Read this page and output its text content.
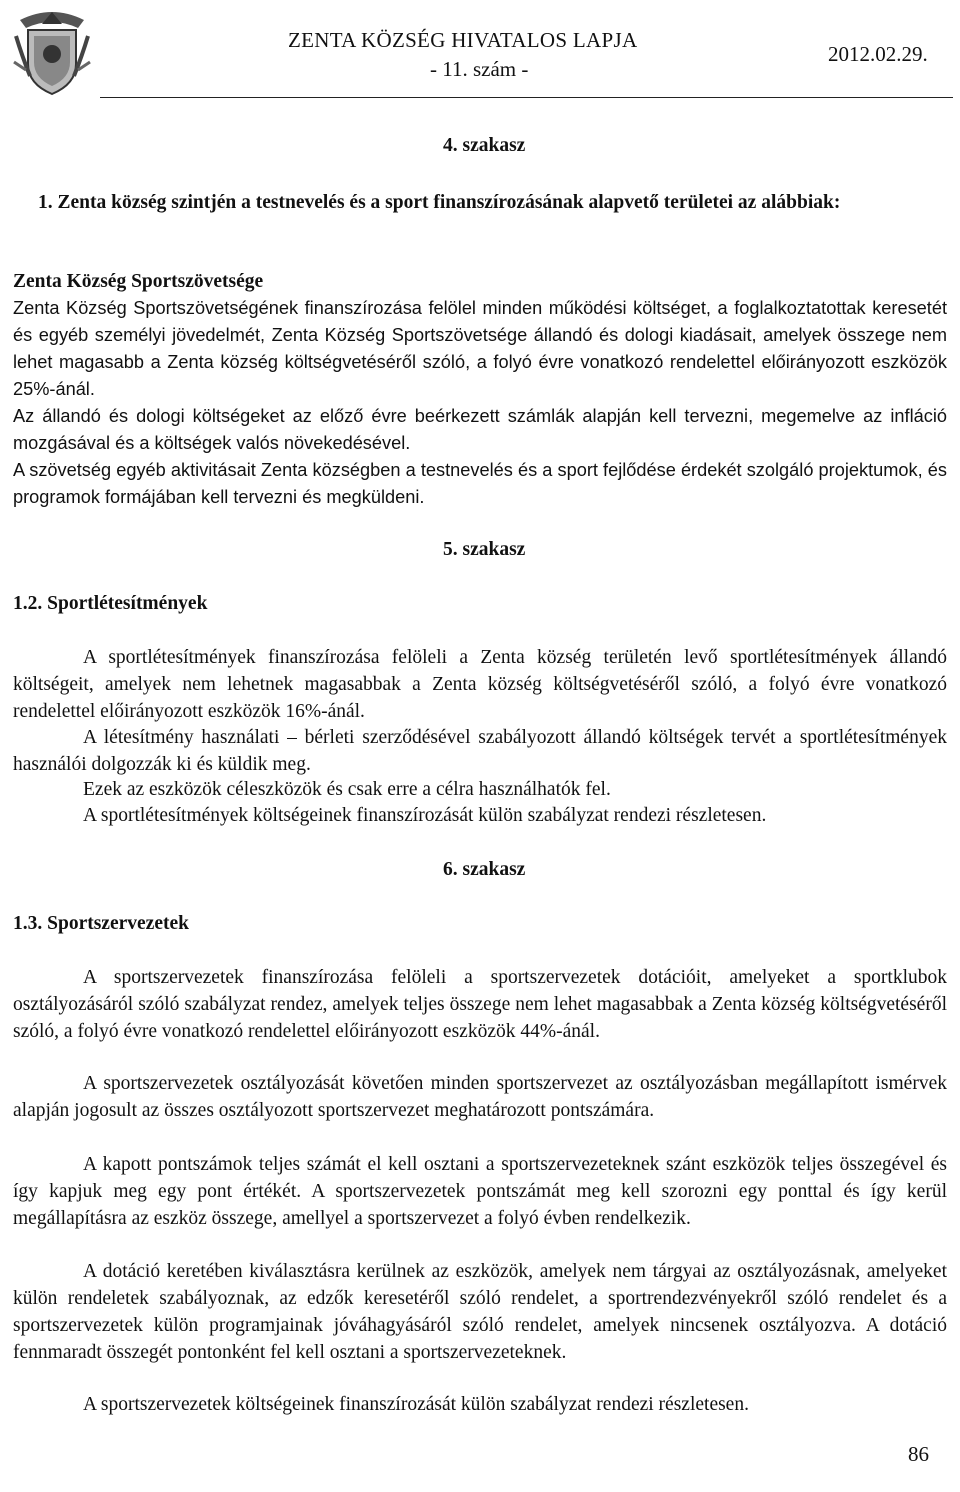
ZENTA KÖZSÉG HIVATALOS LAPJA
- 11. szám -
2012.02.29.
4. szakasz
1. Zenta község szintjén a testnevelés és a sport finanszírozásának alapvető területei az alábbiak:
Zenta Község Sportszövetsége
Zenta Község Sportszövetségének finanszírozása felölel minden működési költséget, a foglalkoztatottak keresetét és egyéb személyi jövedelmét, Zenta Község Sportszövetsége állandó és dologi kiadásait, amelyek összege nem lehet magasabb a Zenta község költségvetéséről szóló, a folyó évre vonatkozó rendelettel előirányozott eszközök 25%-ánál.
Az állandó és dologi költségeket az előző évre beérkezett számlák alapján kell tervezni, megemelve az infláció mozgásával és a költségek valós növekedésével.
A szövetség egyéb aktivitásait Zenta községben a testnevelés és a sport fejlődése érdekét szolgáló projektumok, és programok formájában kell tervezni és megküldeni.
5. szakasz
1.2. Sportlétesítmények
A sportlétesítmények finanszírozása felöleli a Zenta község területén levő sportlétesítmények állandó költségeit, amelyek nem lehetnek magasabbak a Zenta község költségvetéséről szóló, a folyó évre vonatkozó rendelettel előirányozott eszközök 16%-ánál.
A létesítmény használati – bérleti szerződésével szabályozott állandó költségek tervét a sportlétesítmények használói dolgozzák ki és küldik meg.
Ezek az eszközök céleszközök és csak erre a célra használhatók fel.
A sportlétesítmények költségeinek finanszírozását külön szabályzat rendezi részletesen.
6. szakasz
1.3. Sportszervezetek
A sportszervezetek finanszírozása felöleli a sportszervezetek dotációit, amelyeket a sportklubok osztályozásáról szóló szabályzat rendez, amelyek teljes összege nem lehet magasabbak a Zenta község költségvetéséről szóló, a folyó évre vonatkozó rendelettel előirányozott eszközök 44%-ánál.
A sportszervezetek osztályozását követően minden sportszervezet az osztályozásban megállapított ismérvek alapján jogosult az összes osztályozott sportszervezet meghatározott pontszámára.
A kapott pontszámok teljes számát el kell osztani a sportszervezeteknek szánt eszközök teljes összegével és így kapjuk meg egy pont értékét. A sportszervezetek pontszámát meg kell szorozni egy ponttal és így kerül megállapításra az eszköz összege, amellyel a sportszervezet a folyó évben rendelkezik.
A dotáció keretében kiválasztásra kerülnek az eszközök, amelyek nem tárgyai az osztályozásnak, amelyeket külön rendeletek szabályoznak, az edzők keresetéről szóló rendelet, a sportrendezvényekről szóló rendelet és a sportszervezetek külön programjainak jóváhagyásáról szóló rendelet, amelyek nincsenek osztályozva. A dotáció fennmaradt összegét pontonként fel kell osztani a sportszervezeteknek.
A sportszervezetek költségeinek finanszírozását külön szabályzat rendezi részletesen.
86
